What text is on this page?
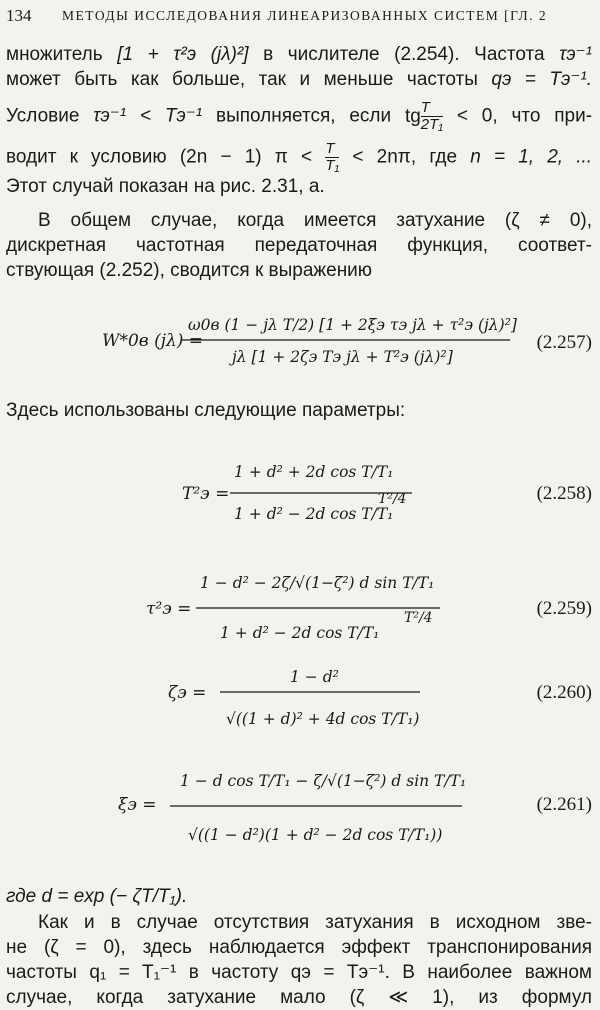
134 МЕТОДЫ ИССЛЕДОВАНИЯ ЛИНЕАРИЗОВАННЫХ СИСТЕМ [ГЛ. 2
множитель [1 + τ²э (jλ)²] в числителе (2.254). Частота τэ⁻¹
может быть как больше, так и меньше частоты qэ = Tэ⁻¹.
Условие τэ⁻¹ < Tэ⁻¹ выполняется, если tg $\frac{T}{\text{2T₁}} < 0$, что при-
водит к условию (2n − 1) $\pi < \frac{T}{\text{T₁}} < 2n\pi$, где n = 1, 2, ...
Этот случай показан на рис. 2.31, а.
В общем случае, когда имеется затухание (ζ ≠ 0),
дискретная частотная передаточная функция, соответ-
ствующая (2.252), сводится к выражению
W*0в (jλ) =
ω0в (1 − jλ T/2) [1 + 2ξэ τэ jλ + τ²э (jλ)²]
jλ [1 + 2ζэ Tэ jλ + T²э (jλ)²]
(2.257)
Здесь использованы следующие параметры:
T²э =
1 + d² + 2d cos T/T₁
1 + d² − 2d cos T/T₁
T²/4	(2.258)
τ²э =
1 − d² − 2ζ/√(1−ζ²) d sin T/T₁
1 + d² − 2d cos T/T₁
T²/4	(2.259)
ζэ =
1 − d²
√((1 + d)² + 4d cos T/T₁)
(2.260)
ξэ =
1 − d cos T/T₁ − ζ/√(1−ζ²) d sin T/T₁
√((1 − d²)(1 + d² − 2d cos T/T₁))
(2.261)
где d = exp (− ζT/T₁).
Как и в случае отсутствия затухания в исходном зве-
не (ζ = 0), здесь наблюдается эффект транспонирования
частоты q₁ = T₁⁻¹ в частоту qэ = Tэ⁻¹. В наиболее важном
случае, когда затухание мало (ζ ≪ 1), из формул
